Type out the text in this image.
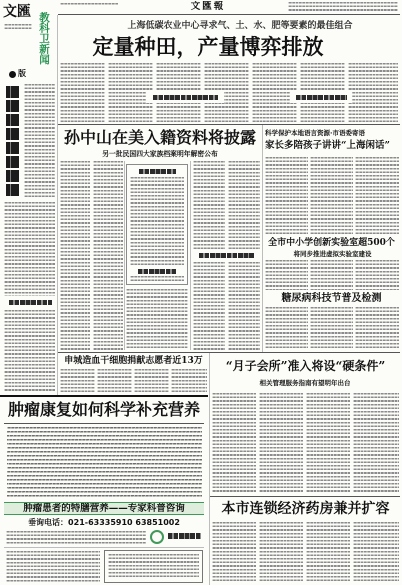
文匯 教科卫新闻
版
文匯報
上海低碳农业中心寻求气、土、水、肥等要素的最佳组合
定量种田，产量博弈排放
孙中山在美入籍资料将披露
另一批民国四大家族档案明年解密公布
科学保护本地语言资源·市语委寄语
家长多陪孩子讲讲“上海闲话”
全市中小学创新实验室超500个
将同步推进虚拟实验室建设
糖尿病科技节普及检测
申城造血干细胞捐献志愿者近13万	“月子会所”准入将设“硬条件”
相关管理服务指南有望明年出台
本市连锁经济药房兼并扩容
肿瘤康复如何科学补充营养
肿瘤患者的特膳营养——专家科普咨询
垂询电话：021-63335910 63851002
